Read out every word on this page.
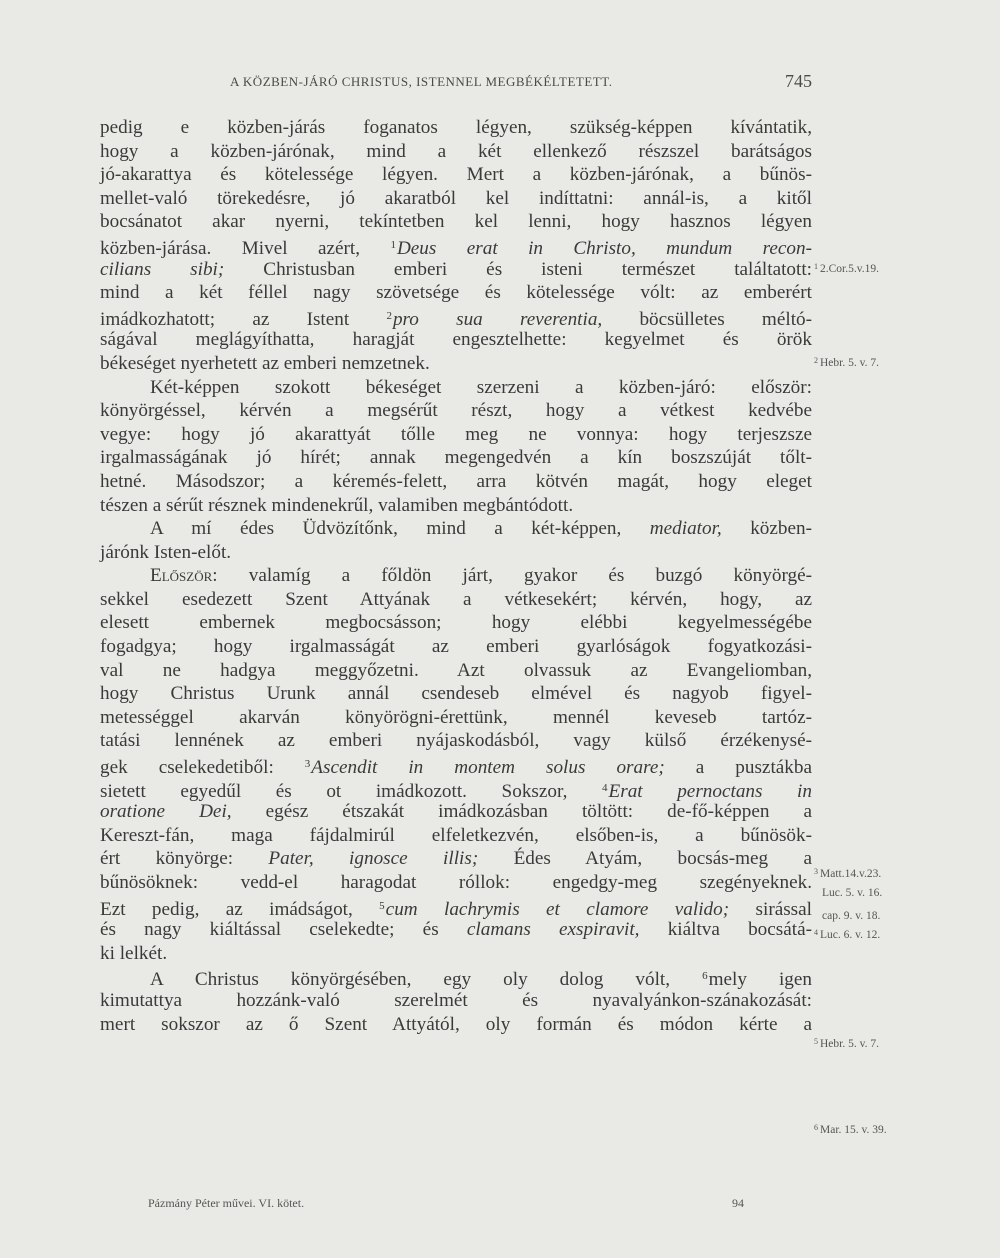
A KÖZBEN-JÁRÓ CHRISTUS, ISTENNEL MEGBÉKÉLTETETT.	745
pedig e közben-járás foganatos légyen, szükség-képpen kívántatik,
hogy a közben-járónak, mind a két ellenkező részszel barátságos
jó-akarattya és kötelessége légyen. Mert a közben-járónak, a bűnös-
mellet-való törekedésre, jó akaratból kel indíttatni: annál-is, a kitől
bocsánatot akar nyerni, tekíntetben kel lenni, hogy hasznos légyen
közben-járása. Mivel azért,	$^1$Deus erat in Christo, mundum recon-
cilians sibi; Christusban emberi és isteni természet találtatott:
mind a két féllel nagy szövetsége és kötelessége vólt: az emberért
imádkozhatott; az Istent	$^2$pro sua reverentia, böcsülletes méltó-
ságával meglágyíthatta, haragját engesztelhette: kegyelmet és örök
békeséget nyerhetett az emberi nemzetnek.
Két-képpen szokott békeséget szerzeni a közben-járó: először:
könyörgéssel, kérvén a megsérűt részt, hogy a vétkest kedvébe
vegye: hogy jó akarattyát tőlle meg ne vonnya: hogy terjeszsze
irgalmasságának jó hírét; annak megengedvén a kín boszszúját tőlt-
hetné. Másodszor; a kéremés-felett, arra kötvén magát, hogy eleget
tészen a sérűt résznek mindenekrűl, valamiben megbántódott.
A mí édes Üdvözítőnk, mind a két-képpen, mediator, közben-
járónk Isten-előt.
Először: valamíg a főldön járt, gyakor és buzgó könyörgé-
sekkel esedezett Szent Attyának a vétkesekért; kérvén, hogy, az
elesett embernek megbocsásson; hogy elébbi kegyelmességébe
fogadgya; hogy irgalmasságát az emberi gyarlóságok fogyatkozási-
val ne hadgya meggyőzetni. Azt olvassuk az Evangeliomban,
hogy Christus Urunk annál csendeseb elmével és nagyob figyel-
metességgel akarván könyörögni-érettünk, mennél keveseb tartóz-
tatási lennének az emberi nyájaskodásból, vagy külső érzékenysé-
gek cselekedetiből:	$^3$Ascendit in montem solus orare; a pusztákba
sietett egyedűl és ot imádkozott. Sokszor,	$^4$Erat pernoctans in
oratione Dei, egész étszakát imádkozásban töltött: de-fő-képpen a
Kereszt-fán, maga fájdalmirúl elfeletkezvén, elsőben-is, a bűnösök-
ért könyörge: Pater, ignosce illis; Édes Atyám, bocsás-meg a
bűnösöknek: vedd-el haragodat róllok: engedgy-meg szegényeknek.
Ezt pedig, az imádságot, $^5$cum lachrymis et clamore valido; sirással
és nagy kiáltással cselekedte; és clamans exspiravit, kiáltva bocsátá-
ki lelkét.
A Christus könyörgésében, egy oly dolog vólt,	$^6$mely igen
kimutattya hozzánk-való szerelmét és nyavalyánkon-szánakozását:
mert sokszor az ő Szent Attyától, oly formán és módon kérte a
$^1$ 2.Cor.5.v.19.
$^2$ Hebr. 5. v. 7.
$^3$ Matt.14.v.23.
Luc. 5. v. 16.
cap. 9. v. 18.
$^4$ Luc. 6. v. 12.
$^5$ Hebr. 5. v. 7.
$^6$ Mar. 15. v. 39.
Pázmány Péter művei. VI. kötet.	94
